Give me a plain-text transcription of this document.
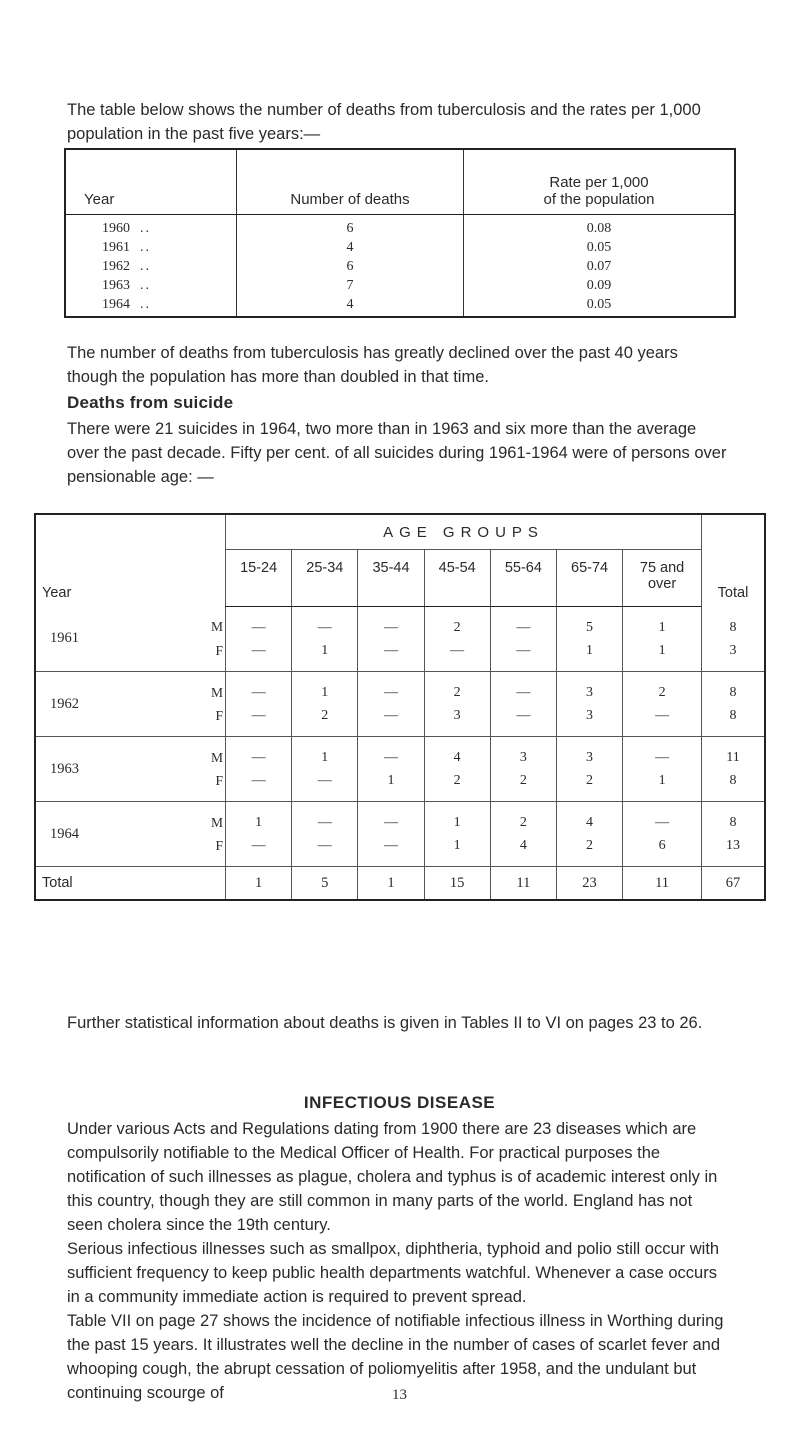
The table below shows the number of deaths from tuberculosis and the rates per 1,000 population in the past five years:—

Year	Number of deaths	Rate per 1,000
of the population
1960 ..	6	0.08
1961 ..	4	0.05
1962 ..	6	0.07
1963 ..	7	0.09
1964 ..	4	0.05

The number of deaths from tuberculosis has greatly declined over the past 40 years though the population has more than doubled in that time.

Deaths from suicide

There were 21 suicides in 1964, two more than in 1963 and six more than the average over the past decade. Fifty per cent. of all suicides during 1961-1964 were of persons over pensionable age: —

Year		AGE GROUPS							Total
		15-24	25-34	35-44	45-54	55-64	65-74	75 and
over	
1961	M	—	—	—	2	—	5	1	8
	F	—	1	—	—	—	1	1	3
1962	M	—	1	—	2	—	3	2	8
	F	—	2	—	3	—	3	—	8
1963	M	—	1	—	4	3	3	—	11
	F	—	—	1	2	2	2	1	8
1964	M	1	—	—	1	2	4	—	8
	F	—	—	—	1	4	2	6	13
Total		1	5	1	15	11	23	11	67

Further statistical information about deaths is given in Tables II to VI on pages 23 to 26.

INFECTIOUS DISEASE

Under various Acts and Regulations dating from 1900 there are 23 diseases which are compulsorily notifiable to the Medical Officer of Health. For practical purposes the notification of such illnesses as plague, cholera and typhus is of academic interest only in this country, though they are still common in many parts of the world. England has not seen cholera since the 19th century.

Serious infectious illnesses such as smallpox, diphtheria, typhoid and polio still occur with sufficient frequency to keep public health departments watchful. Whenever a case occurs in a community immediate action is required to prevent spread.

Table VII on page 27 shows the incidence of notifiable infectious illness in Worthing during the past 15 years. It illustrates well the decline in the number of cases of scarlet fever and whooping cough, the abrupt cessation of poliomyelitis after 1958, and the undulant but continuing scourge of	13
